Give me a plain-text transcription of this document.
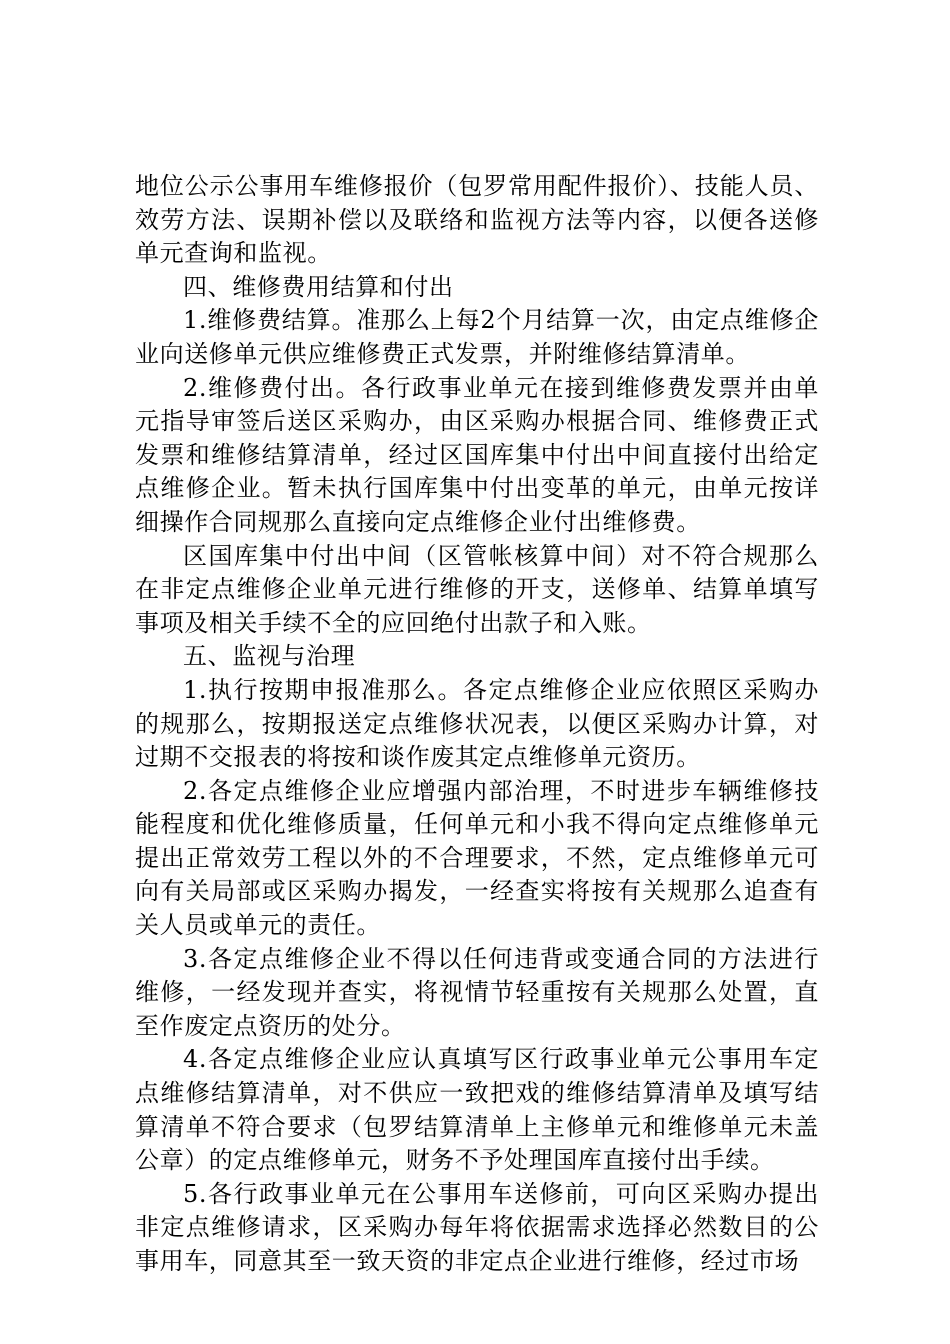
地位公示公事用车维修报价（包罗常用配件报价）、技能人员、效劳方法、误期补偿以及联络和监视方法等内容，以便各送修单元查询和监视。

四、维修费用结算和付出

1.维修费结算。准那么上每2个月结算一次，由定点维修企业向送修单元供应维修费正式发票，并附维修结算清单。

2.维修费付出。各行政事业单元在接到维修费发票并由单元指导审签后送区采购办，由区采购办根据合同、维修费正式发票和维修结算清单，经过区国库集中付出中间直接付出给定点维修企业。暂未执行国库集中付出变革的单元，由单元按详细操作合同规那么直接向定点维修企业付出维修费。

区国库集中付出中间（区管帐核算中间）对不符合规那么在非定点维修企业单元进行维修的开支，送修单、结算单填写事项及相关手续不全的应回绝付出款子和入账。

五、监视与治理

1.执行按期申报准那么。各定点维修企业应依照区采购办的规那么，按期报送定点维修状况表，以便区采购办计算，对过期不交报表的将按和谈作废其定点维修单元资历。

2.各定点维修企业应增强内部治理，不时进步车辆维修技能程度和优化维修质量，任何单元和小我不得向定点维修单元提出正常效劳工程以外的不合理要求，不然，定点维修单元可向有关局部或区采购办揭发，一经查实将按有关规那么追查有关人员或单元的责任。

3.各定点维修企业不得以任何违背或变通合同的方法进行维修，一经发现并查实，将视情节轻重按有关规那么处置，直至作废定点资历的处分。

4.各定点维修企业应认真填写区行政事业单元公事用车定点维修结算清单，对不供应一致把戏的维修结算清单及填写结算清单不符合要求（包罗结算清单上主修单元和维修单元未盖公章）的定点维修单元，财务不予处理国库直接付出手续。

5.各行政事业单元在公事用车送修前，可向区采购办提出非定点维修请求，区采购办每年将依据需求选择必然数目的公事用车，同意其至一致天资的非定点企业进行维修，经过市场
